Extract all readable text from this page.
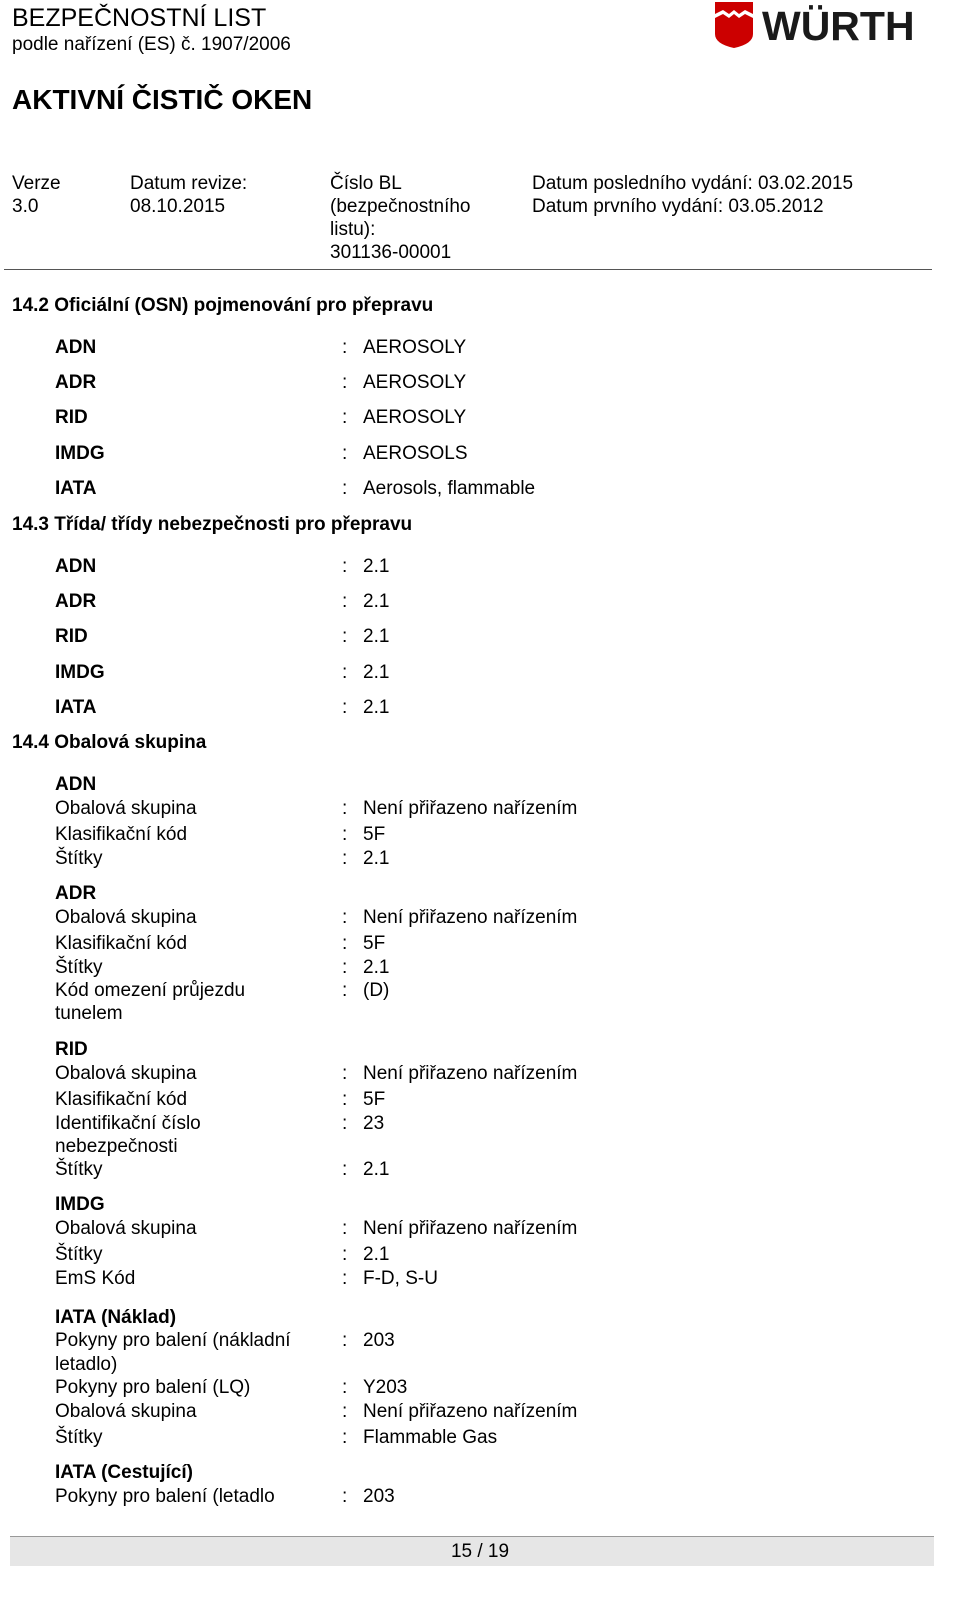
BEZPEČNOSTNÍ LIST
podle nařízení (ES) č. 1907/2006
AKTIVNÍ ČISTIČ OKEN
WÜRTH
Verze
3.0
Datum revize:
08.10.2015
Číslo BL
(bezpečnostního
listu):
301136-00001
Datum posledního vydání: 03.02.2015
Datum prvního vydání: 03.05.2012
14.2 Oficiální (OSN) pojmenování pro přepravu
ADN	: AEROSOLY
ADR	: AEROSOLY
RID	: AEROSOLY
IMDG	: AEROSOLS
IATA	: Aerosols, flammable
14.3 Třída/ třídy nebezpečnosti pro přepravu
ADN	: 2.1
ADR	: 2.1
RID	: 2.1
IMDG	: 2.1
IATA	: 2.1
14.4 Obalová skupina
ADN
Obalová skupina	: Není přiřazeno nařízením
Klasifikační kód	: 5F
Štítky	: 2.1
ADR
Obalová skupina	: Není přiřazeno nařízením
Klasifikační kód	: 5F
Štítky	: 2.1
Kód omezení průjezdu
tunelem
: (D)
RID
Obalová skupina	: Není přiřazeno nařízením
Klasifikační kód	: 5F
Identifikační číslo
nebezpečnosti
: 23
Štítky	: 2.1
IMDG
Obalová skupina	: Není přiřazeno nařízením
Štítky	: 2.1
EmS Kód	: F-D, S-U
IATA (Náklad)
Pokyny pro balení (nákladní
letadlo)
: 203
Pokyny pro balení (LQ)	: Y203
Obalová skupina	: Není přiřazeno nařízením
Štítky	: Flammable Gas
IATA (Cestující)
Pokyny pro balení (letadlo	: 203
15 / 19
